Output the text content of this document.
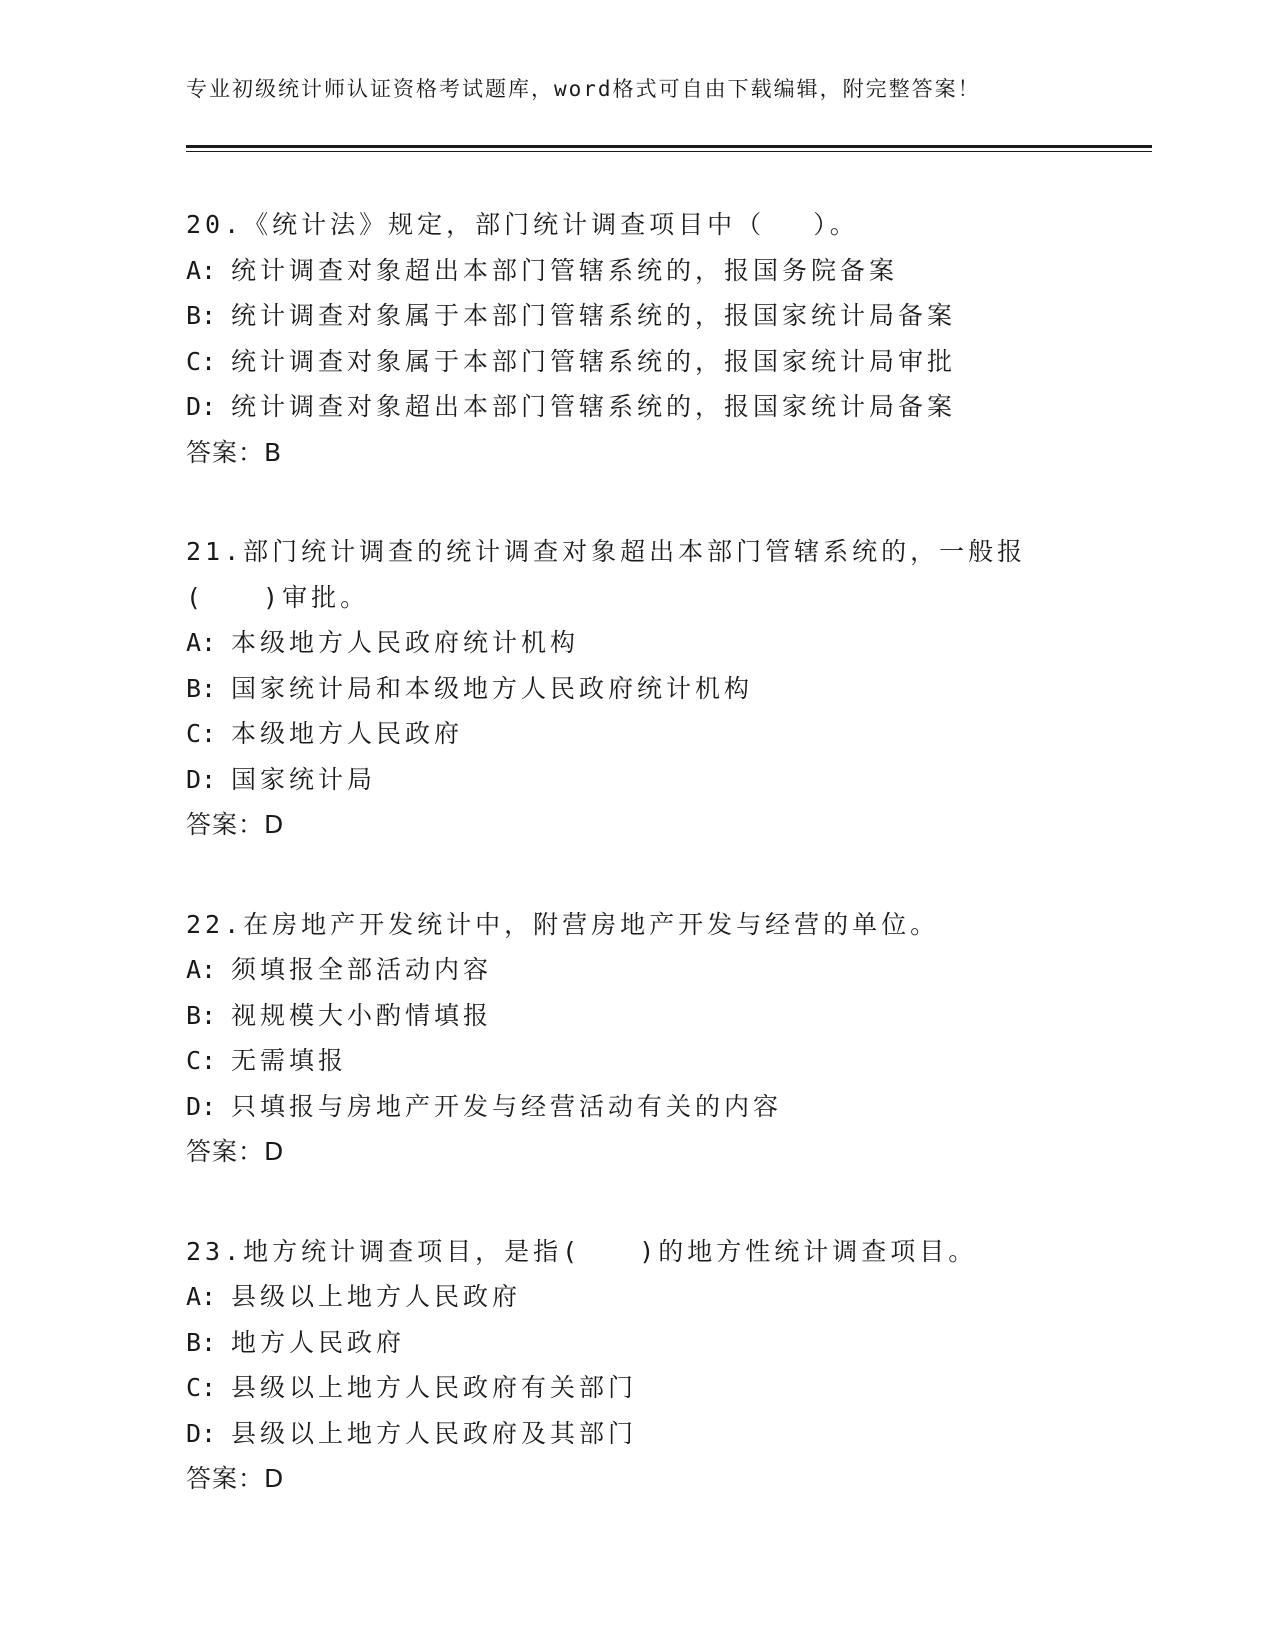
专业初级统计师认证资格考试题库，word格式可自由下载编辑，附完整答案！
20.《统计法》规定，部门统计调查项目中（　 ）。
A: 统计调查对象超出本部门管辖系统的，报国务院备案
B: 统计调查对象属于本部门管辖系统的，报国家统计局备案
C: 统计调查对象属于本部门管辖系统的，报国家统计局审批
D: 统计调查对象超出本部门管辖系统的，报国家统计局备案
答案：B
21.部门统计调查的统计调查对象超出本部门管辖系统的，一般报
(　　)审批。
A: 本级地方人民政府统计机构
B: 国家统计局和本级地方人民政府统计机构
C: 本级地方人民政府
D: 国家统计局
答案：D
22.在房地产开发统计中，附营房地产开发与经营的单位。
A: 须填报全部活动内容
B: 视规模大小酌情填报
C: 无需填报
D: 只填报与房地产开发与经营活动有关的内容
答案：D
23.地方统计调查项目，是指(　　)的地方性统计调查项目。
A: 县级以上地方人民政府
B: 地方人民政府
C: 县级以上地方人民政府有关部门
D: 县级以上地方人民政府及其部门
答案：D
